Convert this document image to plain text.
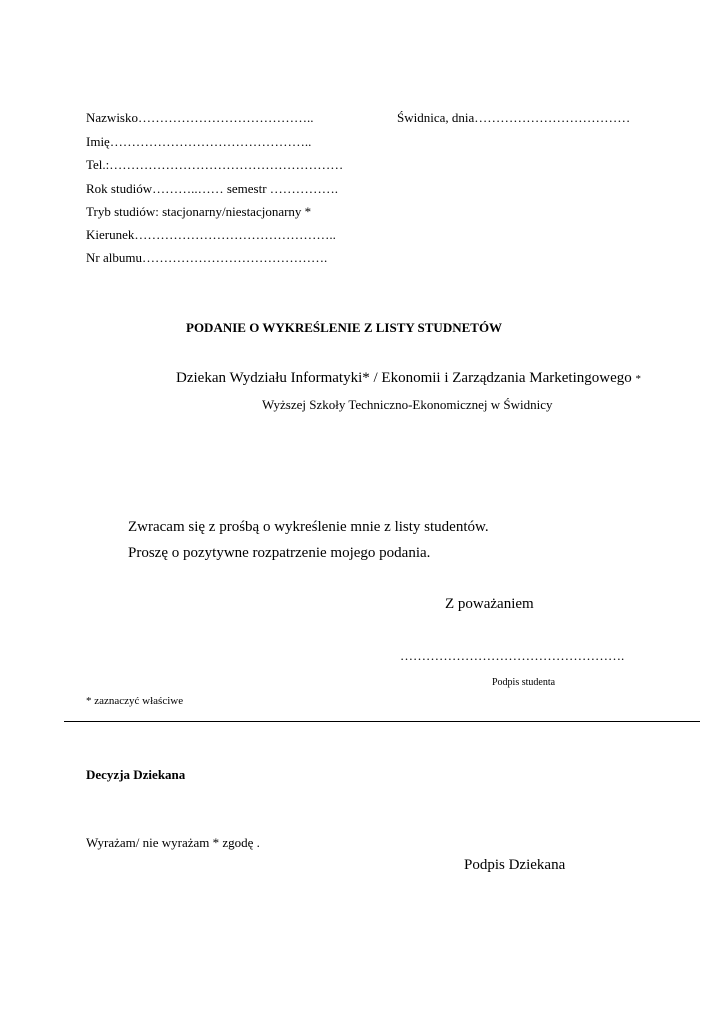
Nazwisko…………………………………..
Imię………………………………………..
Tel.:………………………………………………
Rok studiów………..…… semestr …………….
Tryb studiów: stacjonarny/niestacjonarny *
Kierunek………………………………………..
Nr albumu…………………………………….
Świdnica, dnia………………………………
PODANIE O WYKREŚLENIE Z LISTY STUDNETÓW
Dziekan Wydziału Informatyki* / Ekonomii i Zarządzania Marketingowego *
Wyższej Szkoły Techniczno-Ekonomicznej w Świdnicy
Zwracam się z prośbą o wykreślenie mnie z listy studentów.
Proszę o pozytywne rozpatrzenie mojego podania.
Z poważaniem
…………………………………………….
Podpis studenta
* zaznaczyć właściwe
Decyzja Dziekana
Wyrażam/ nie wyrażam * zgodę .
Podpis Dziekana
